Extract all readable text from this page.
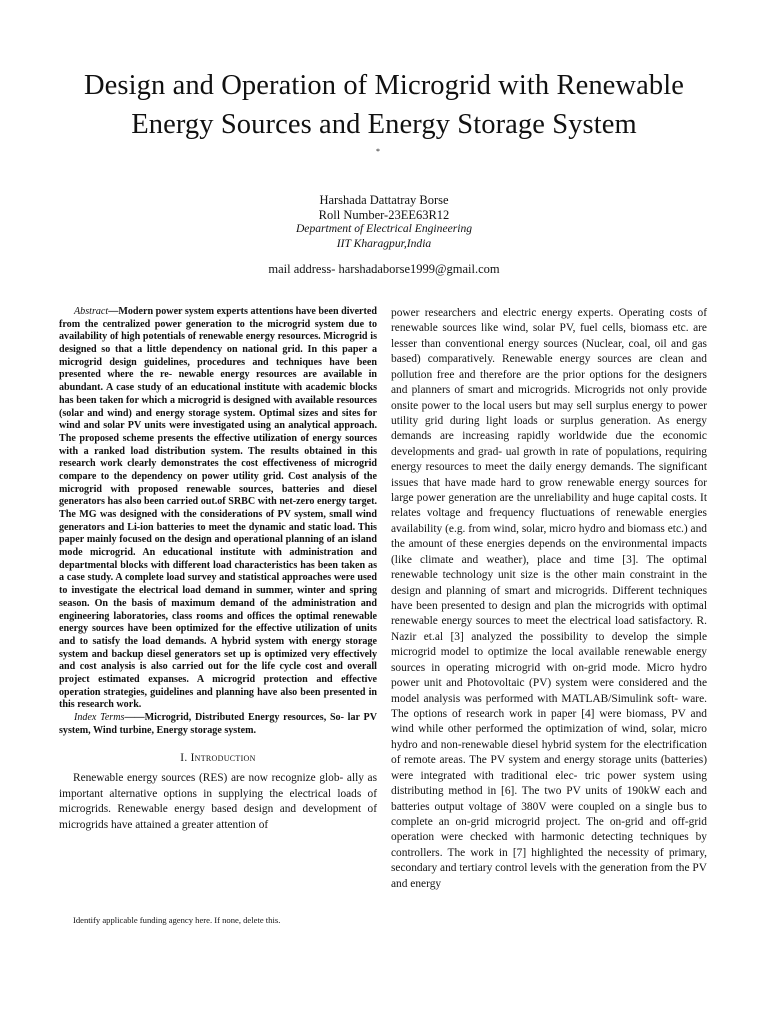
Design and Operation of Microgrid with Renewable
Energy Sources and Energy Storage System
*
Harshada Dattatray Borse
Roll Number-23EE63R12
Department of Electrical Engineering
IIT Kharagpur,India
mail address- harshadaborse1999@gmail.com
Abstract—Modern power system experts attentions have been diverted from the centralized power generation to the microgrid system due to availability of high potentials of renewable energy resources. Microgrid is designed so that a little dependency on national grid. In this paper a microgrid design guidelines, procedures and techniques have been presented where the re- newable energy resources are available in abundant. A case study of an educational institute with academic blocks has been taken for which a microgrid is designed with available resources (solar and wind) and energy storage system. Optimal sizes and sites for wind and solar PV units were investigated using an analytical approach. The proposed scheme presents the effective utilization of energy sources with a ranked load distribution system. The results obtained in this research work clearly demonstrates the cost effectiveness of microgrid compare to the dependency on power utility grid. Cost analysis of the microgrid with proposed renewable sources, batteries and diesel generators has also been carried out.of SRBC with net-zero energy target. The MG was designed with the considerations of PV system, small wind generators and Li-ion batteries to meet the dynamic and static load. This paper mainly focused on the design and operational planning of an island mode microgrid. An educational institute with administration and departmental blocks with different load characteristics has been taken as a case study. A complete load survey and statistical approaches were used to investigate the electrical load demand in summer, winter and spring season. On the basis of maximum demand of the administration and engineering laboratories, class rooms and offices the optimal renewable energy sources have been optimized for the effective utilization of units and to satisfy the load demands. A hybrid system with energy storage system and backup diesel generators set up is optimized very effectively and cost analysis is also carried out for the life cycle cost and overall project estimated expanses. A microgrid protection and effective operation strategies, guidelines and planning have also been presented in this research work.
Index Terms——Microgrid, Distributed Energy resources, So- lar PV system, Wind turbine, Energy storage system.
I. Introduction
Renewable energy sources (RES) are now recognize glob- ally as important alternative options in supplying the electrical loads of microgrids. Renewable energy based design and development of microgrids have attained a greater attention of
Identify applicable funding agency here. If none, delete this.
power researchers and electric energy experts. Operating costs of renewable sources like wind, solar PV, fuel cells, biomass etc. are lesser than conventional energy sources (Nuclear, coal, oil and gas based) comparatively. Renewable energy sources are clean and pollution free and therefore are the prior options for the designers and planners of smart and microgrids. Microgrids not only provide onsite power to the local users but may sell surplus energy to power utility grid during light loads or surplus generation. As energy demands are increasing rapidly worldwide due the economic developments and grad- ual growth in rate of populations, requiring energy resources to meet the daily energy demands. The significant issues that have made hard to grow renewable energy sources for large power generation are the unreliability and huge capital costs. It relates voltage and frequency fluctuations of renewable energies availability (e.g. from wind, solar, micro hydro and biomass etc.) and the amount of these energies depends on the environmental impacts (like climate and weather), place and time [3]. The optimal renewable technology unit size is the other main constraint in the design and planning of smart and microgrids. Different techniques have been presented to design and plan the microgrids with optimal renewable energy sources to meet the electrical load satisfactory. R. Nazir et.al [3] analyzed the possibility to develop the simple microgrid model to optimize the local available renewable energy sources in operating microgrid with on-grid mode. Micro hydro power unit and Photovoltaic (PV) system were considered and the model analysis was performed with MATLAB/Simulink soft- ware. The options of research work in paper [4] were biomass, PV and wind while other performed the optimization of wind, solar, micro hydro and non-renewable diesel hybrid system for the electrification of remote areas. The PV system and energy storage units (batteries) were integrated with traditional elec- tric power system using distributing method in [6]. The two PV units of 190kW each and batteries output voltage of 380V were coupled on a single bus to complete an on-grid microgrid project. The on-grid and off-grid operation were checked with harmonic detecting techniques by controllers. The work in [7] highlighted the necessity of primary, secondary and tertiary control levels with the generation from the PV and energy
